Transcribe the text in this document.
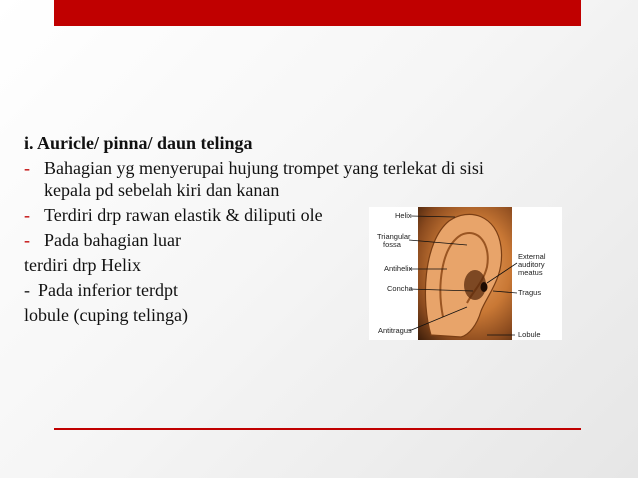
i. Auricle/ pinna/ daun telinga
- Bahagian yg menyerupai hujung trompet yang terlekat di sisi
kepala pd sebelah kiri dan kanan
- Terdiri drp rawan elastik & diliputi ole
- Pada bahagian luar
terdiri drp Helix
- Pada inferior terdpt
lobule (cuping telinga)
Helix
Triangular
fossa
Antihelix
Concha
Antitragus
External
auditory
meatus
Tragus
Lobule
